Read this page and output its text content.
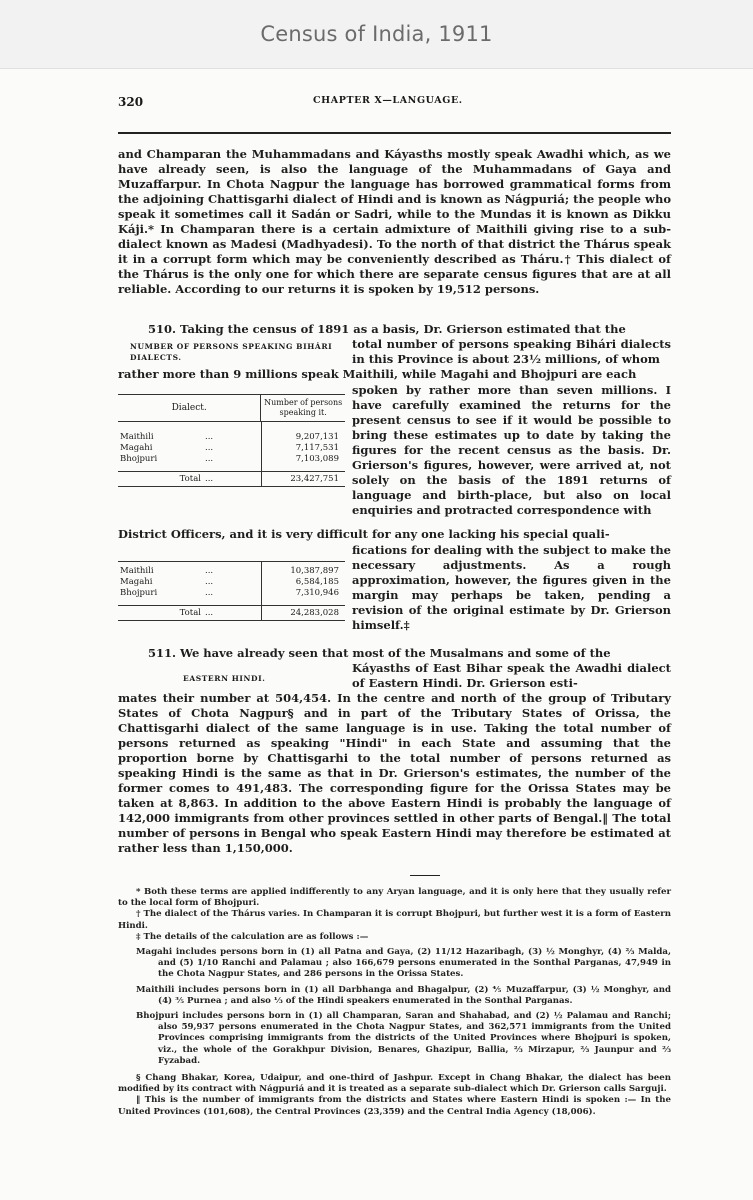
Census of India, 1911
320	CHAPTER X—LANGUAGE.

and Champaran the Muhammadans and Káyasths mostly speak Awadhi which, as we have already seen, is also the language of the Muhammadans of Gaya and Muzaffarpur. In Chota Nagpur the language has borrowed grammatical forms from the adjoining Chattisgarhi dialect of Hindi and is known as Nágpuriá; the people who speak it sometimes call it Sadán or Sadri, while to the Mundas it is known as Dikku Káji.* In Champaran there is a certain admixture of Maithili giving rise to a sub-dialect known as Madesi (Madhyadesi). To the north of that district the Thárus speak it in a corrupt form which may be conveniently described as Tháru.† This dialect of the Thárus is the only one for which there are separate census figures that are at all reliable. According to our returns it is spoken by 19,512 persons.

510. Taking the census of 1891 as a basis, Dr. Grierson estimated that the

NUMBER OF PERSONS SPEAKING BIHÁRI
DIALECTS.

total number of persons speaking Bihári dialects in this Province is about 23½ millions, of whom

rather more than 9 millions speak Maithili, while Magahi and Bhojpuri are each

Dialect.
Number of persons speaking it.
Maithili	...	9,207,131
Magahi	...	7,117,531
Bhojpuri	...	7,103,089
Total ...	23,427,751

spoken by rather more than seven millions. I have carefully examined the returns for the present census to see if it would be possible to bring these estimates up to date by taking the figures for the recent census as the basis. Dr. Grierson's figures, however, were arrived at, not solely on the basis of the 1891 returns of language and birth-place, but also on local enquiries and protracted correspondence with

District Officers, and it is very difficult for any one lacking his special quali-

Maithili	...	10,387,897
Magahi	...	6,584,185
Bhojpuri	...	7,310,946
Total ...	24,283,028

fications for dealing with the subject to make the necessary adjustments. As a rough approximation, however, the figures given in the margin may perhaps be taken, pending a revision of the original estimate by Dr. Grierson himself.‡

511. We have already seen that most of the Musalmans and some of the

EASTERN HINDI.

Káyasths of East Bihar speak the Awadhi dialect of Eastern Hindi. Dr. Grierson esti-

mates their number at 504,454. In the centre and north of the group of Tributary States of Chota Nagpur§ and in part of the Tributary States of Orissa, the Chattisgarhi dialect of the same language is in use. Taking the total number of persons returned as speaking "Hindi" in each State and assuming that the proportion borne by Chattisgarhi to the total number of persons returned as speaking Hindi is the same as that in Dr. Grierson's estimates, the number of the former comes to 491,483. The corresponding figure for the Orissa States may be taken at 8,863. In addition to the above Eastern Hindi is probably the language of 142,000 immigrants from other provinces settled in other parts of Bengal.‖ The total number of persons in Bengal who speak Eastern Hindi may therefore be estimated at rather less than 1,150,000.

* Both these terms are applied indifferently to any Aryan language, and it is only here that they usually refer to the local form of Bhojpuri.

† The dialect of the Thárus varies. In Champaran it is corrupt Bhojpuri, but further west it is a form of Eastern Hindi.

‡ The details of the calculation are as follows :—

Magahi includes persons born in (1) all Patna and Gaya, (2) 11/12 Hazaribagh, (3) ½ Monghyr, (4) ⅔ Malda, and (5) 1/10 Ranchi and Palamau ; also 166,679 persons enumerated in the Sonthal Parganas, 47,949 in the Chota Nagpur States, and 286 persons in the Orissa States.

Maithili includes persons born in (1) all Darbhanga and Bhagalpur, (2) ⅘ Muzaffarpur, (3) ½ Monghyr, and (4) ⅗ Purnea ; and also ⅓ of the Hindi speakers enumerated in the Sonthal Parganas.

Bhojpuri includes persons born in (1) all Champaran, Saran and Shahabad, and (2) ½ Palamau and Ranchi; also 59,937 persons enumerated in the Chota Nagpur States, and 362,571 immigrants from the United Provinces comprising immigrants from the districts of the United Provinces where Bhojpuri is spoken, viz., the whole of the Gorakhpur Division, Benares, Ghazipur, Ballia, ⅔ Mirzapur, ⅔ Jaunpur and ⅔ Fyzabad.

§ Chang Bhakar, Korea, Udaipur, and one-third of Jashpur. Except in Chang Bhakar, the dialect has been modified by its contract with Nágpuriá and it is treated as a separate sub-dialect which Dr. Grierson calls Sarguji.

‖ This is the number of immigrants from the districts and States where Eastern Hindi is spoken :— In the United Provinces (101,608), the Central Provinces (23,359) and the Central India Agency (18,006).
